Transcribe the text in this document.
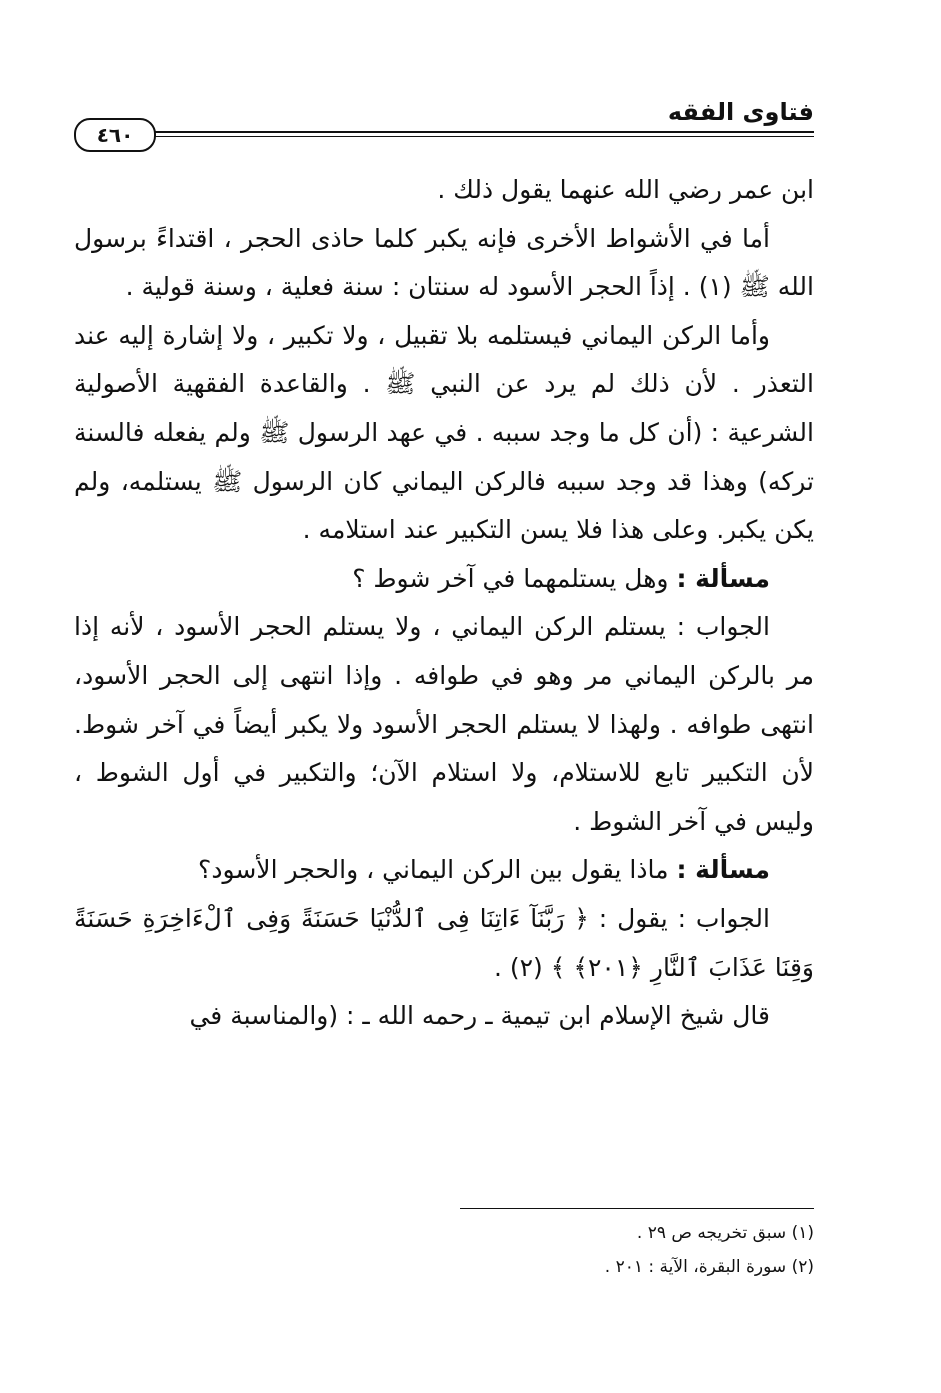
فتاوى الفقه
٤٦٠

ابن عمر رضي الله عنهما يقول ذلك .

أما في الأشواط الأخرى فإنه يكبر كلما حاذى الحجر ، اقتداءً برسول الله ﷺ (١) . إذاً الحجر الأسود له سنتان : سنة فعلية ، وسنة قولية .

وأما الركن اليماني فيستلمه بلا تقبيل ، ولا تكبير ، ولا إشارة إليه عند التعذر . لأن ذلك لم يرد عن النبي ﷺ . والقاعدة الفقهية الأصولية الشرعية : (أن كل ما وجد سببه . في عهد الرسول ﷺ ولم يفعله فالسنة تركه) وهذا قد وجد سببه فالركن اليماني كان الرسول ﷺ يستلمه، ولم يكن يكبر. وعلى هذا فلا يسن التكبير عند استلامه .

مسألة : وهل يستلمهما في آخر شوط ؟

الجواب : يستلم الركن اليماني ، ولا يستلم الحجر الأسود ، لأنه إذا مر بالركن اليماني مر وهو في طوافه . وإذا انتهى إلى الحجر الأسود، انتهى طوافه . ولهذا لا يستلم الحجر الأسود ولا يكبر أيضاً في آخر شوط. لأن التكبير تابع للاستلام، ولا استلام الآن؛ والتكبير في أول الشوط ، وليس في آخر الشوط .

مسألة : ماذا يقول بين الركن اليماني ، والحجر الأسود؟

الجواب : يقول : ﴿ رَبَّنَآ ءَاتِنَا فِى ٱلدُّنْيَا حَسَنَةً وَفِى ٱلْءَاخِرَةِ حَسَنَةً وَقِنَا عَذَابَ ٱلنَّارِ ﴿٢٠١﴾ ﴾ (٢) .

قال شيخ الإسلام ابن تيمية ـ رحمه الله ـ : (والمناسبة في

(١) سبق تخريجه ص ٢٩ .
(٢) سورة البقرة، الآية : ٢٠١ .
